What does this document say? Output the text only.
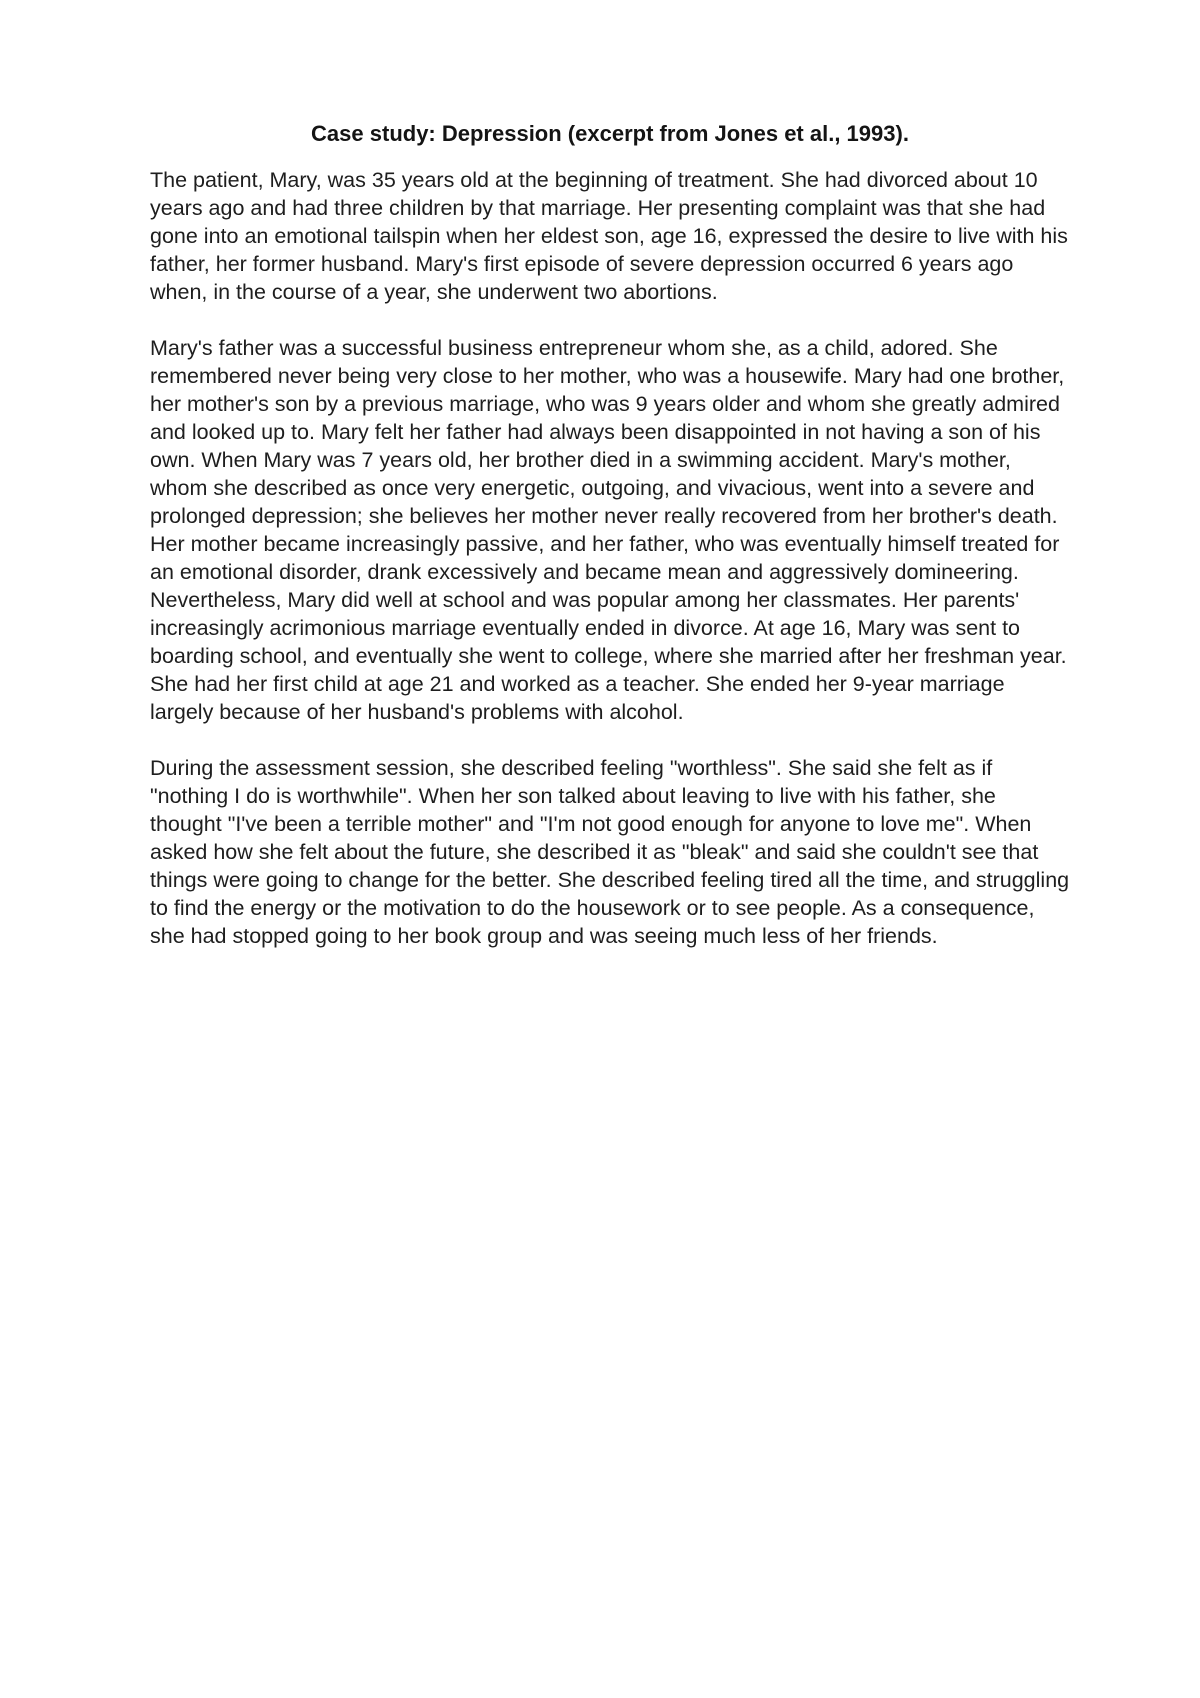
Case study: Depression (excerpt from Jones et al., 1993).

The patient, Mary, was 35 years old at the beginning of treatment. She had divorced about 10 years ago and had three children by that marriage. Her presenting complaint was that she had gone into an emotional tailspin when her eldest son, age 16, expressed the desire to live with his father, her former husband. Mary's first episode of severe depression occurred 6 years ago when, in the course of a year, she underwent two abortions.

Mary's father was a successful business entrepreneur whom she, as a child, adored. She remembered never being very close to her mother, who was a housewife. Mary had one brother, her mother's son by a previous marriage, who was 9 years older and whom she greatly admired and looked up to. Mary felt her father had always been disappointed in not having a son of his own. When Mary was 7 years old, her brother died in a swimming accident. Mary's mother, whom she described as once very energetic, outgoing, and vivacious, went into a severe and prolonged depression; she believes her mother never really recovered from her brother's death. Her mother became increasingly passive, and her father, who was eventually himself treated for an emotional disorder, drank excessively and became mean and aggressively domineering. Nevertheless, Mary did well at school and was popular among her classmates. Her parents' increasingly acrimonious marriage eventually ended in divorce. At age 16, Mary was sent to boarding school, and eventually she went to college, where she married after her freshman year. She had her first child at age 21 and worked as a teacher. She ended her 9-year marriage largely because of her husband's problems with alcohol.

During the assessment session, she described feeling "worthless". She said she felt as if "nothing I do is worthwhile". When her son talked about leaving to live with his father, she thought "I've been a terrible mother" and "I'm not good enough for anyone to love me". When asked how she felt about the future, she described it as "bleak" and said she couldn't see that things were going to change for the better. She described feeling tired all the time, and struggling to find the energy or the motivation to do the housework or to see people. As a consequence, she had stopped going to her book group and was seeing much less of her friends.
